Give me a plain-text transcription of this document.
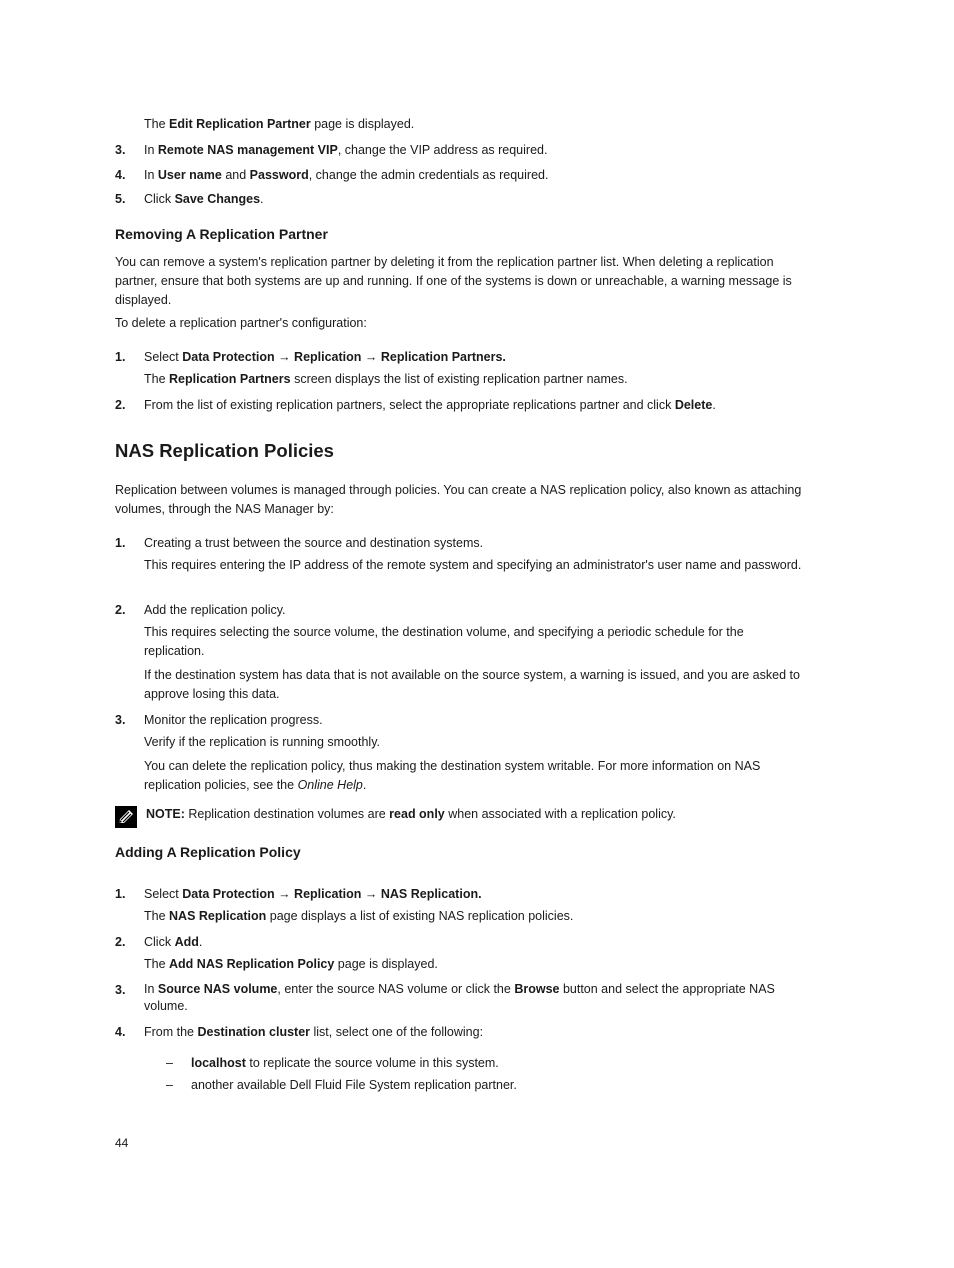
The Edit Replication Partner page is displayed.
3. In Remote NAS management VIP, change the VIP address as required.
4. In User name and Password, change the admin credentials as required.
5. Click Save Changes.
Removing A Replication Partner
You can remove a system's replication partner by deleting it from the replication partner list. When deleting a replication partner, ensure that both systems are up and running. If one of the systems is down or unreachable, a warning message is displayed.
To delete a replication partner's configuration:
1. Select Data Protection → Replication → Replication Partners.
The Replication Partners screen displays the list of existing replication partner names.
2. From the list of existing replication partners, select the appropriate replications partner and click Delete.
NAS Replication Policies
Replication between volumes is managed through policies. You can create a NAS replication policy, also known as attaching volumes, through the NAS Manager by:
1. Creating a trust between the source and destination systems.
This requires entering the IP address of the remote system and specifying an administrator's user name and password.
2. Add the replication policy.
This requires selecting the source volume, the destination volume, and specifying a periodic schedule for the replication.
If the destination system has data that is not available on the source system, a warning is issued, and you are asked to approve losing this data.
3. Monitor the replication progress.
Verify if the replication is running smoothly.
You can delete the replication policy, thus making the destination system writable. For more information on NAS replication policies, see the Online Help.
NOTE: Replication destination volumes are read only when associated with a replication policy.
Adding A Replication Policy
1. Select Data Protection → Replication → NAS Replication.
The NAS Replication page displays a list of existing NAS replication policies.
2. Click Add.
The Add NAS Replication Policy page is displayed.
3. In Source NAS volume, enter the source NAS volume or click the Browse button and select the appropriate NAS volume.
4. From the Destination cluster list, select one of the following:
– localhost to replicate the source volume in this system.
– another available Dell Fluid File System replication partner.
44
